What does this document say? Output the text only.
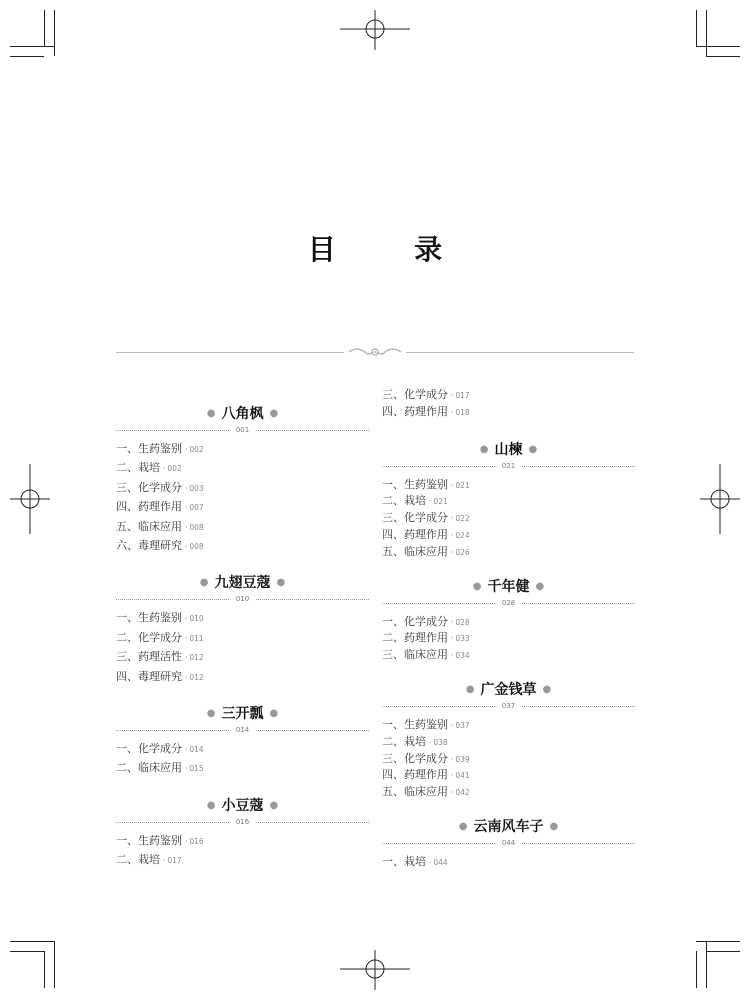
目　录
● 八角枫 ●
001
一、生药鉴别 · 002
二、栽培 · 002
三、化学成分 · 003
四、药理作用 · 007
五、临床应用 · 008
六、毒理研究 · 008
● 九翅豆蔻 ●
010
一、生药鉴别 · 010
二、化学成分 · 011
三、药理活性 · 012
四、毒理研究 · 012
● 三开瓢 ●
014
一、化学成分 · 014
二、临床应用 · 015
● 小豆蔻 ●
016
一、生药鉴别 · 016
二、栽培 · 017
三、化学成分 · 017
四、药理作用 · 018
● 山楝 ●
021
一、生药鉴别 · 021
二、栽培 · 021
三、化学成分 · 022
四、药理作用 · 024
五、临床应用 · 026
● 千年健 ●
028
一、化学成分 · 028
二、药理作用 · 033
三、临床应用 · 034
● 广金钱草 ●
037
一、生药鉴别 · 037
二、栽培 · 038
三、化学成分 · 039
四、药理作用 · 041
五、临床应用 · 042
● 云南风车子 ●
044
一、栽培 · 044
